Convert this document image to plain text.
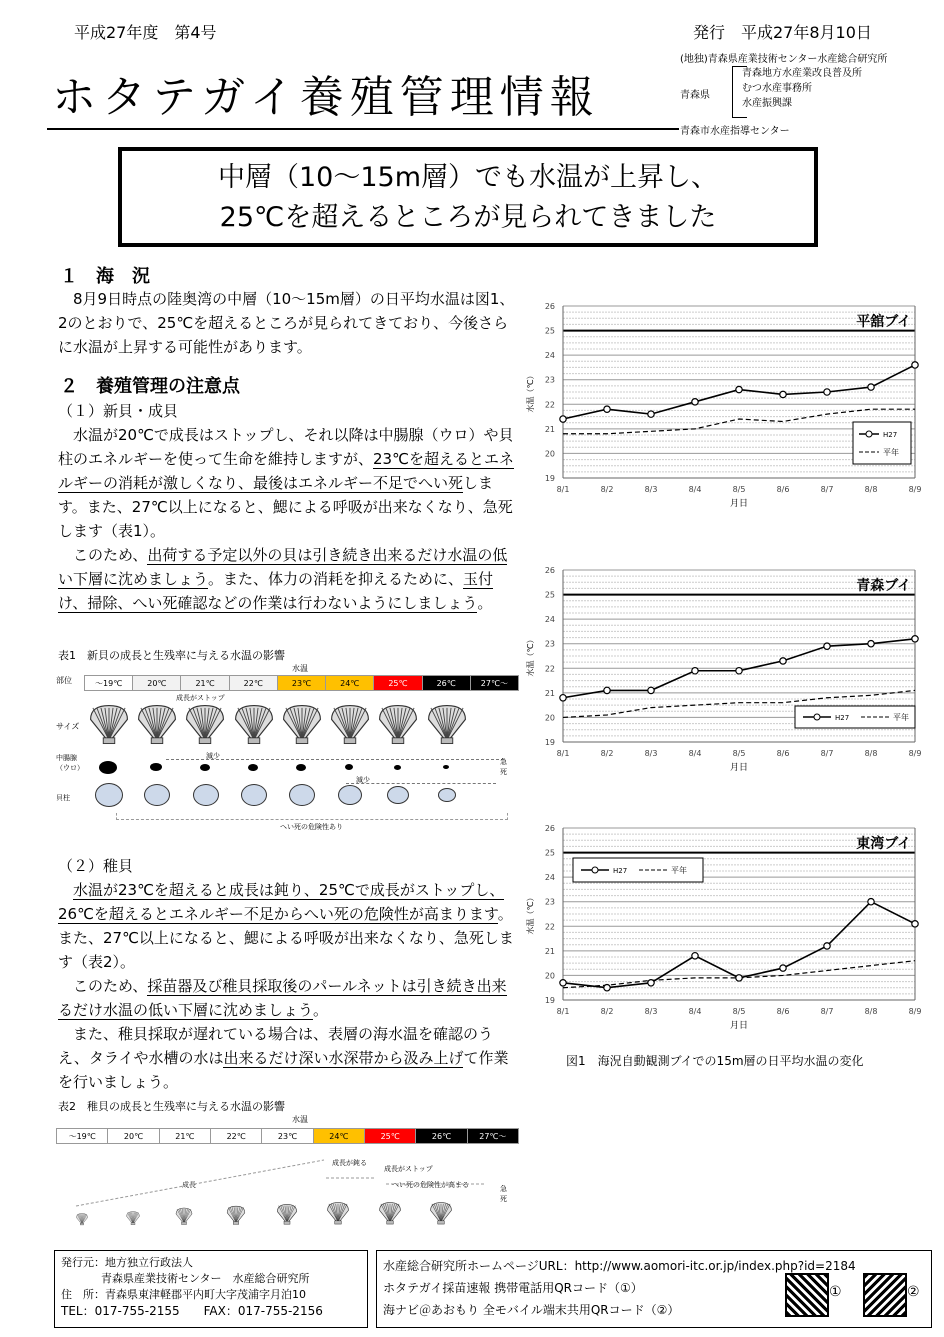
平成27年度　第4号	発行　平成27年8月10日
(地独)青森県産業技術センター水産総合研究所
ホタテガイ養殖管理情報	青森県
青森地方水産業改良普及所
むつ水産事務所
水産振興課
青森市水産指導センター
中層（10～15m層）でも水温が上昇し、
25℃を超えるところが見られてきました
１　海　況
8月9日時点の陸奥湾の中層（10～15m層）の日平均水温は図1、2のとおりで、25℃を超えるところが見られてきており、今後さらに水温が上昇する可能性があります。
２　養殖管理の注意点
（１）新貝・成貝
水温が20℃で成長はストップし、それ以降は中腸腺（ウロ）や貝柱のエネルギーを使って生命を維持しますが、23℃を超えるとエネルギーの消耗が激しくなり、最後はエネルギー不足でへい死します。また、27℃以上になると、鰓による呼吸が出来なくなり、急死します（表1）。
このため、出荷する予定以外の貝は引き続き出来るだけ水温の低い下層に沈めましょう。また、体力の消耗を抑えるために、玉付け、掃除、へい死確認などの作業は行わないようにしましょう。
表1　新貝の成長と生残率に与える水温の影響
部位
水温
～19℃	20℃	21℃	22℃	23℃	24℃	25℃	26℃	27℃～
サイズ
成長がストップ
中腸腺
（ウロ）
減少
急
死
貝柱
減少
へい死の危険性あり
（２）稚貝
水温が23℃を超えると成長は鈍り、25℃で成長がストップし、26℃を超えるとエネルギー不足からへい死の危険性が高まります。また、27℃以上になると、鰓による呼吸が出来なくなり、急死します（表2）。
このため、採苗器及び稚貝採取後のパールネットは引き続き出来るだけ水温の低い下層に沈めましょう。
また、稚貝採取が遅れている場合は、表層の海水温を確認のうえ、タライや水槽の水は出来るだけ深い水深帯から汲み上げて作業を行いましょう。
表2　稚貝の成長と生残率に与える水温の影響
水温
～19℃	20℃	21℃	22℃	23℃	24℃	25℃	26℃	27℃～
成長が鈍る
成長がストップ
成長	へい死の危険性が高まる	急
死
19
20
21
22
23
24
25
26
8/1	8/2	8/3	8/4	8/5	8/6	8/7	8/8	8/9
月日
水温（℃）
平舘ブイ
H27
平年
19
20
21
22
23
24
25
26
8/1	8/2	8/3	8/4	8/5	8/6	8/7	8/8	8/9
月日
水温（℃）
青森ブイ
H27	平年
19
20
21
22
23
24
25
26
8/1	8/2	8/3	8/4	8/5	8/6	8/7	8/8	8/9
月日
水温（℃）
東湾ブイ
H27	平年
図1　海況自動観測ブイでの15m層の日平均水温の変化
発行元：地方独立行政法人
青森県産業技術センター　水産総合研究所
住　所：青森県東津軽郡平内町大字茂浦字月泊10
TEL：017-755-2155　　FAX：017-755-2156
水産総合研究所ホームページURL：http://www.aomori-itc.or.jp/index.php?id=2184
ホタテガイ採苗速報 携帯電話用QRコード（①）
海ナビ＠あおもり 全モバイル端末共用QRコード（②）
①	②
